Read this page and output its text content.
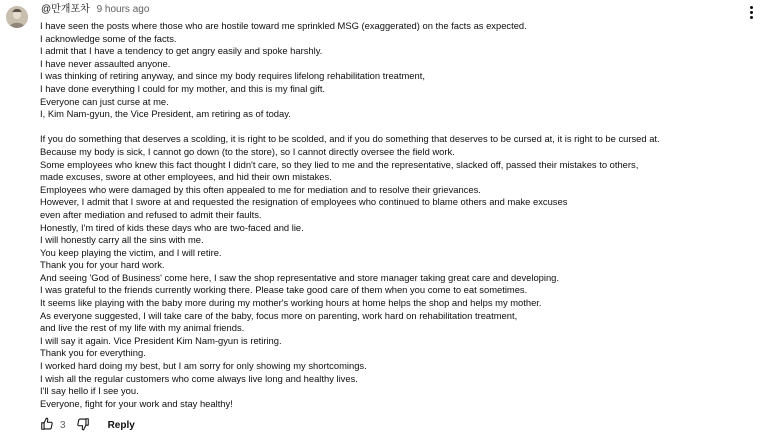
@만개포차 9 hours ago
I have seen the posts where those who are hostile toward me sprinkled MSG (exaggerated) on the facts as expected.
I acknowledge some of the facts.
I admit that I have a tendency to get angry easily and spoke harshly.
I have never assaulted anyone.
I was thinking of retiring anyway, and since my body requires lifelong rehabilitation treatment,
I have done everything I could for my mother, and this is my final gift.
Everyone can just curse at me.
I, Kim Nam-gyun, the Vice President, am retiring as of today.
If you do something that deserves a scolding, it is right to be scolded, and if you do something that deserves to be cursed at, it is right to be cursed at.
Because my body is sick, I cannot go down (to the store), so I cannot directly oversee the field work.
Some employees who knew this fact thought I didn't care, so they lied to me and the representative, slacked off, passed their mistakes to others,
made excuses, swore at other employees, and hid their own mistakes.
Employees who were damaged by this often appealed to me for mediation and to resolve their grievances.
However, I admit that I swore at and requested the resignation of employees who continued to blame others and make excuses
even after mediation and refused to admit their faults.
Honestly, I'm tired of kids these days who are two-faced and lie.
I will honestly carry all the sins with me.
You keep playing the victim, and I will retire.
Thank you for your hard work.
And seeing 'God of Business' come here, I saw the shop representative and store manager taking great care and developing.
I was grateful to the friends currently working there. Please take good care of them when you come to eat sometimes.
It seems like playing with the baby more during my mother's working hours at home helps the shop and helps my mother.
As everyone suggested, I will take care of the baby, focus more on parenting, work hard on rehabilitation treatment,
and live the rest of my life with my animal friends.
I will say it again. Vice President Kim Nam-gyun is retiring.
Thank you for everything.
I worked hard doing my best, but I am sorry for only showing my shortcomings.
I wish all the regular customers who come always live long and healthy lives.
I'll say hello if I see you.
Everyone, fight for your work and stay healthy!
3	Reply
